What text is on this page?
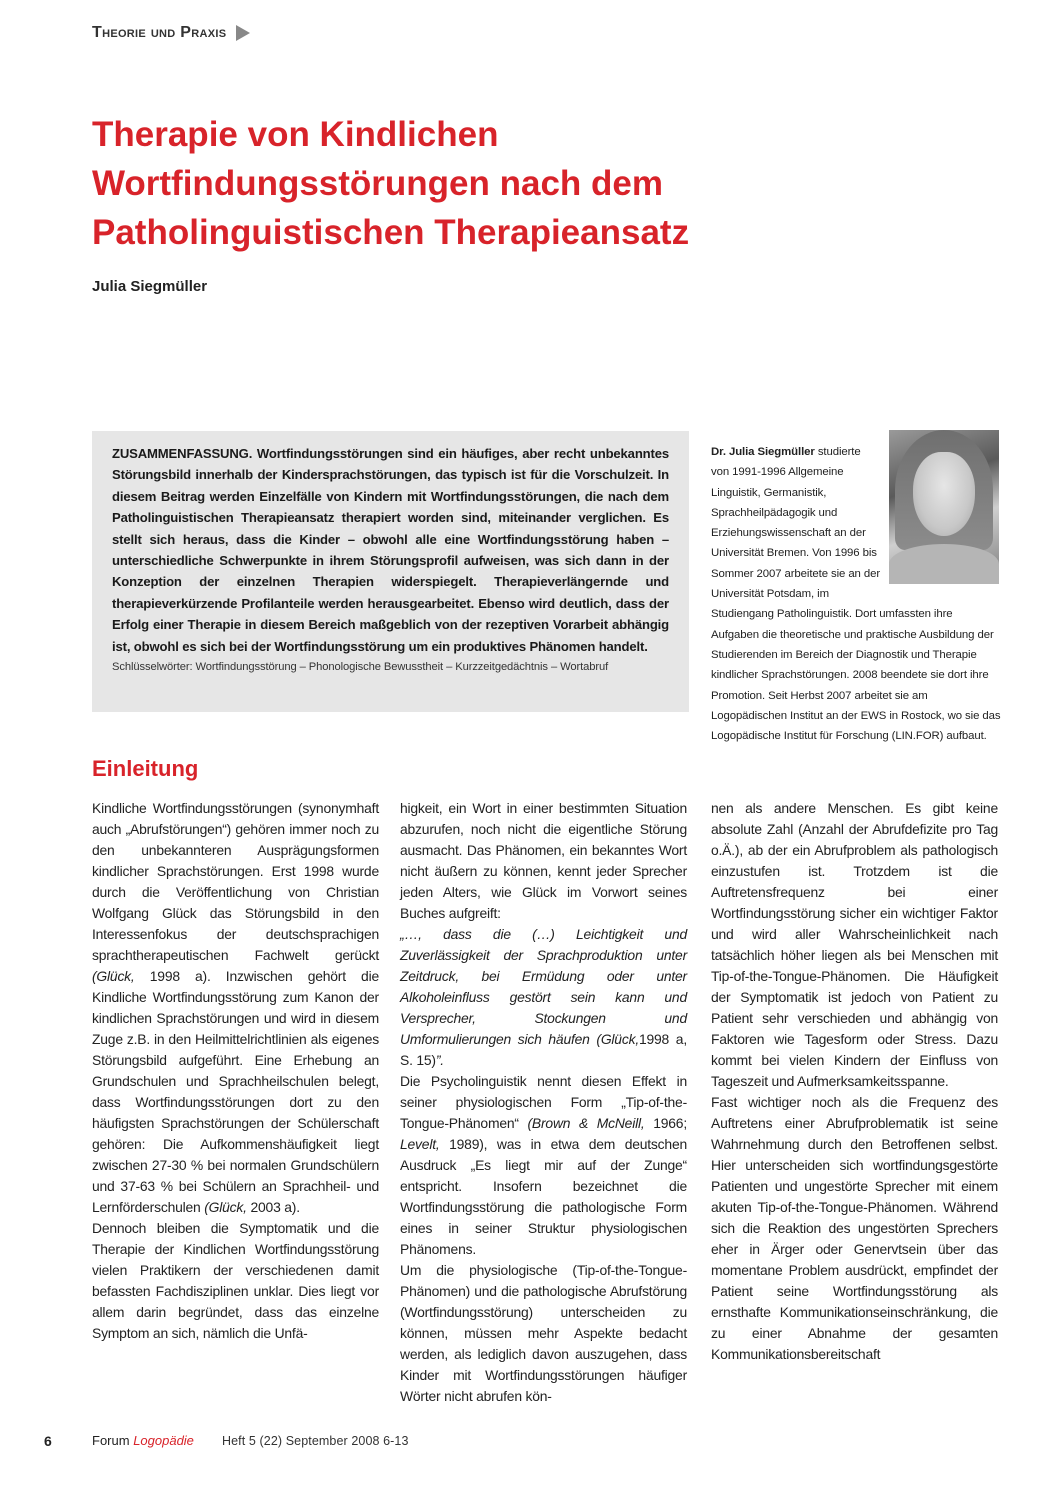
Theorie
und
Praxis
Therapie von Kindlichen
Wortfindungsstörungen nach dem
Patholinguistischen Therapieansatz
Julia Siegmüller
ZUSAMMENFASSUNG. Wortfindungsstörungen sind ein häufiges, aber recht unbekanntes Störungsbild innerhalb der Kindersprachstörungen, das typisch ist für die Vorschulzeit. In diesem Beitrag werden Einzelfälle von Kindern mit Wortfindungsstörungen, die nach dem Patholinguistischen Therapieansatz therapiert worden sind, miteinander verglichen. Es stellt sich heraus, dass die Kinder – obwohl alle eine Wortfindungsstörung haben – unterschiedliche Schwerpunkte in ihrem Störungsprofil aufweisen, was sich dann in der Konzeption der einzelnen Therapien widerspiegelt. Therapieverlängernde und therapieverkürzende Profilanteile werden herausgearbeitet. Ebenso wird deutlich, dass der Erfolg einer Therapie in diesem Bereich maßgeblich von der rezeptiven Vorarbeit abhängig ist, obwohl es sich bei der Wortfindungsstörung um ein produktives Phänomen handelt.
Schlüsselwörter: Wortfindungsstörung – Phonologische Bewusstheit – Kurzzeitgedächtnis – Wortabruf
Dr. Julia Siegmüller studierte von 1991-1996 Allgemeine Linguistik, Germanistik, Sprachheilpädagogik und Erziehungswissenschaft an der Universität Bremen. Von 1996 bis Sommer 2007 arbeitete sie an der Universität Potsdam, im Studiengang Patholinguistik. Dort umfassten ihre Aufgaben die theoretische und praktische Ausbildung der Studierenden im Bereich der Diagnostik und Therapie kindlicher Sprachstörungen. 2008 beendete sie dort ihre Promotion. Seit Herbst 2007 arbeitet sie am Logopädischen Institut an der EWS in Rostock, wo sie das Logopädische Institut für Forschung (LIN.FOR) aufbaut.
Einleitung

Kindliche Wortfindungsstörungen (synonymhaft auch „Abrufstörungen“) gehören immer noch zu den unbekannteren Ausprägungsformen kindlicher Sprachstörungen. Erst 1998 wurde durch die Veröffentlichung von Christian Wolfgang Glück das Störungsbild in den Interessenfokus der deutschsprachigen sprachtherapeutischen Fachwelt gerückt (Glück, 1998 a). Inzwischen gehört die Kindliche Wortfindungsstörung zum Kanon der kindlichen Sprachstörungen und wird in diesem Zuge z.B. in den Heilmittelrichtlinien als eigenes Störungsbild aufgeführt. Eine Erhebung an Grundschulen und Sprachheilschulen belegt, dass Wortfindungsstörungen dort zu den häufigsten Sprachstörungen der Schülerschaft gehören: Die Aufkommenshäufigkeit liegt zwischen 27-30 % bei normalen Grundschülern und 37-63 % bei Schülern an Sprachheil- und Lernförderschulen (Glück, 2003 a).

Dennoch bleiben die Symptomatik und die Therapie der Kindlichen Wortfindungsstörung vielen Praktikern der verschiedenen damit befassten Fachdisziplinen unklar. Dies liegt vor allem darin begründet, dass das einzelne Symptom an sich, nämlich die Unfä-

higkeit, ein Wort in einer bestimmten Situation abzurufen, noch nicht die eigentliche Störung ausmacht. Das Phänomen, ein bekanntes Wort nicht äußern zu können, kennt jeder Sprecher jeden Alters, wie Glück im Vorwort seines Buches aufgreift:

„…, dass die (…) Leichtigkeit und Zuverlässigkeit der Sprachproduktion unter Zeitdruck, bei Ermüdung oder unter Alkoholeinfluss gestört sein kann und Versprecher, Stockungen und Umformulierungen sich häufen (Glück,1998 a, S. 15)”.

Die Psycholinguistik nennt diesen Effekt in seiner physiologischen Form „Tip-of-the-Tongue-Phänomen“ (Brown & McNeill, 1966; Levelt, 1989), was in etwa dem deutschen Ausdruck „Es liegt mir auf der Zunge“ entspricht. Insofern bezeichnet die Wortfindungsstörung die pathologische Form eines in seiner Struktur physiologischen Phänomens.

Um die physiologische (Tip-of-the-Tongue-Phänomen) und die pathologische Abrufstörung (Wortfindungsstörung) unterscheiden zu können, müssen mehr Aspekte bedacht werden, als lediglich davon auszugehen, dass Kinder mit Wortfindungsstörungen häufiger Wörter nicht abrufen kön-

nen als andere Menschen. Es gibt keine absolute Zahl (Anzahl der Abrufdefizite pro Tag o.Ä.), ab der ein Abrufproblem als pathologisch einzustufen ist. Trotzdem ist die Auftretensfrequenz bei einer Wortfindungsstörung sicher ein wichtiger Faktor und wird aller Wahrscheinlichkeit nach tatsächlich höher liegen als bei Menschen mit Tip-of-the-Tongue-Phänomen. Die Häufigkeit der Symptomatik ist jedoch von Patient zu Patient sehr verschieden und abhängig von Faktoren wie Tagesform oder Stress. Dazu kommt bei vielen Kindern der Einfluss von Tageszeit und Aufmerksamkeitsspanne.

Fast wichtiger noch als die Frequenz des Auftretens einer Abrufproblematik ist seine Wahrnehmung durch den Betroffenen selbst. Hier unterscheiden sich wortfindungsgestörte Patienten und ungestörte Sprecher mit einem akuten Tip-of-the-Tongue-Phänomen. Während sich die Reaktion des ungestörten Sprechers eher in Ärger oder Genervtsein über das momentane Problem ausdrückt, empfindet der Patient seine Wortfindungsstörung als ernsthafte Kommunikationseinschränkung, die zu einer Abnahme der gesamten Kommunikationsbereitschaft

6	Forum Logopädie Heft 5 (22) September 2008 6-13
